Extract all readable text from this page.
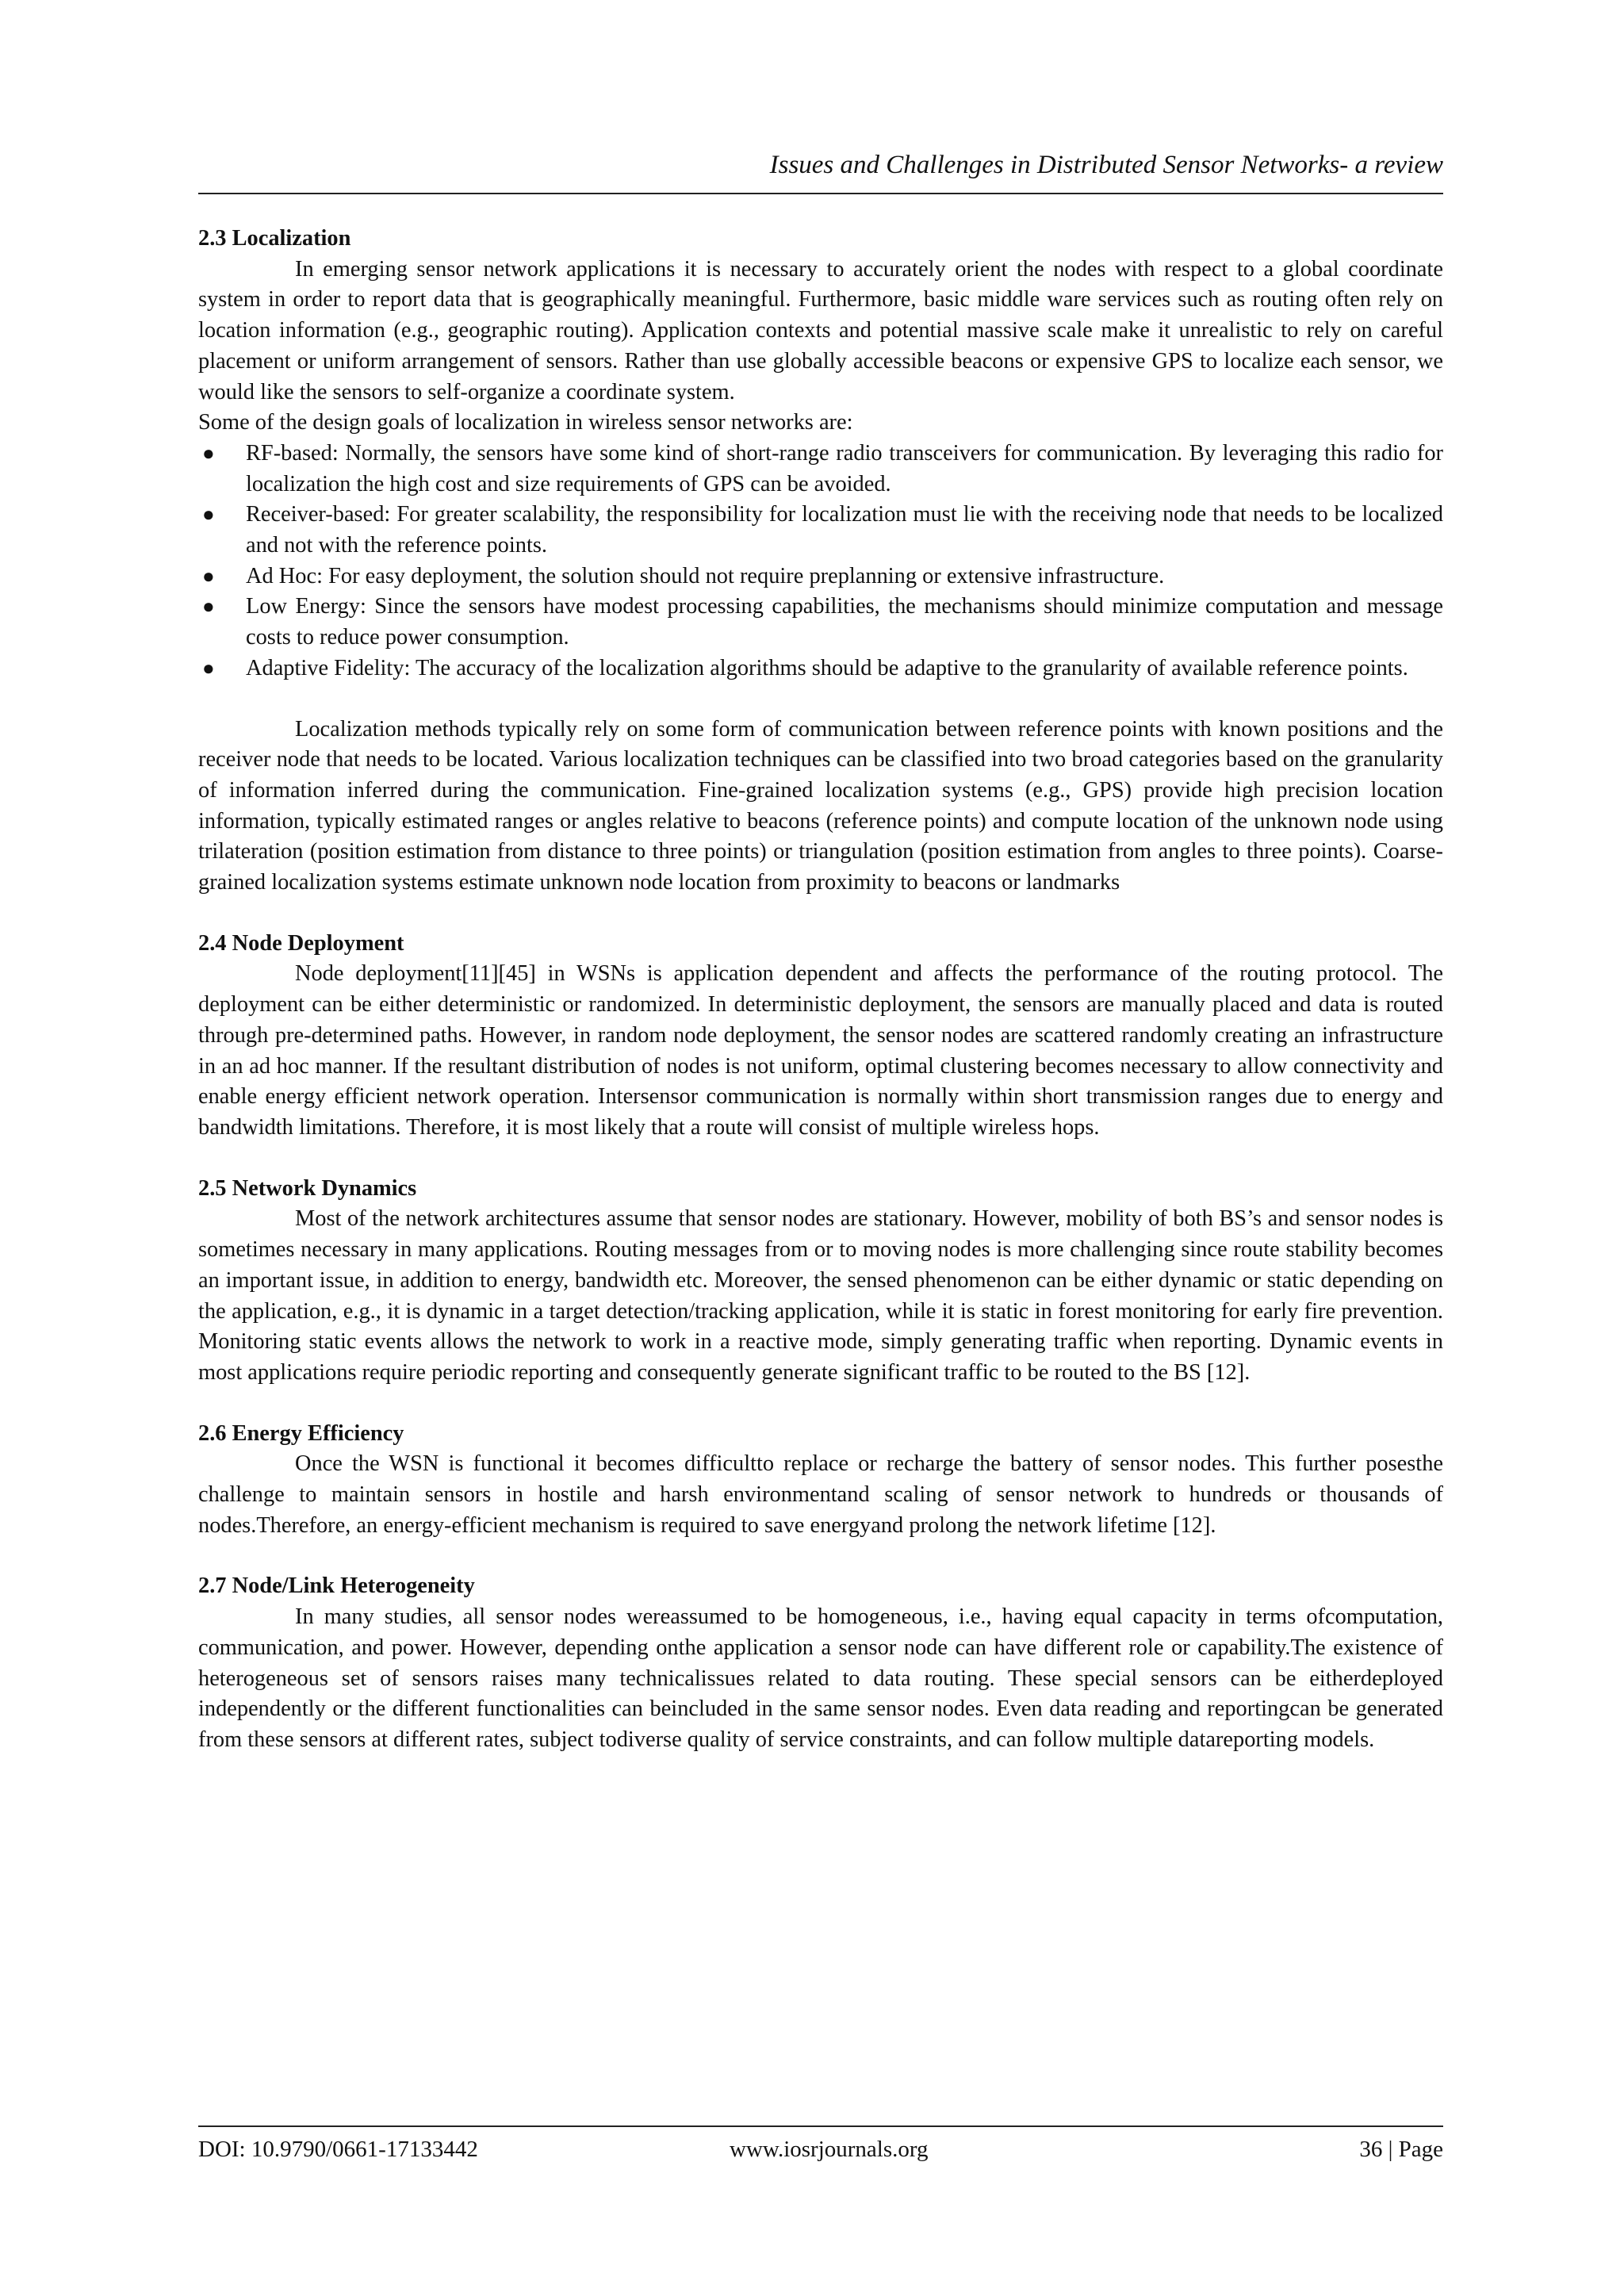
Issues and Challenges in Distributed Sensor Networks- a review

2.3 Localization

In emerging sensor network applications it is necessary to accurately orient the nodes with respect to a global coordinate system in order to report data that is geographically meaningful. Furthermore, basic middle ware services such as routing often rely on location information (e.g., geographic routing). Application contexts and potential massive scale make it unrealistic to rely on careful placement or uniform arrangement of sensors. Rather than use globally accessible beacons or expensive GPS to localize each sensor, we would like the sensors to self-organize a coordinate system.

Some of the design goals of localization in wireless sensor networks are:

● RF-based: Normally, the sensors have some kind of short-range radio transceivers for communication. By leveraging this radio for localization the high cost and size requirements of GPS can be avoided.
● Receiver-based: For greater scalability, the responsibility for localization must lie with the receiving node that needs to be localized and not with the reference points.
● Ad Hoc: For easy deployment, the solution should not require preplanning or extensive infrastructure.
● Low Energy: Since the sensors have modest processing capabilities, the mechanisms should minimize computation and message costs to reduce power consumption.
● Adaptive Fidelity: The accuracy of the localization algorithms should be adaptive to the granularity of available reference points.

Localization methods typically rely on some form of communication between reference points with known positions and the receiver node that needs to be located. Various localization techniques can be classified into two broad categories based on the granularity of information inferred during the communication. Fine-grained localization systems (e.g., GPS) provide high precision location information, typically estimated ranges or angles relative to beacons (reference points) and compute location of the unknown node using trilateration (position estimation from distance to three points) or triangulation (position estimation from angles to three points). Coarse-grained localization systems estimate unknown node location from proximity to beacons or landmarks

2.4 Node Deployment

Node deployment[11][45] in WSNs is application dependent and affects the performance of the routing protocol. The deployment can be either deterministic or randomized. In deterministic deployment, the sensors are manually placed and data is routed through pre-determined paths. However, in random node deployment, the sensor nodes are scattered randomly creating an infrastructure in an ad hoc manner. If the resultant distribution of nodes is not uniform, optimal clustering becomes necessary to allow connectivity and enable energy efficient network operation. Intersensor communication is normally within short transmission ranges due to energy and bandwidth limitations. Therefore, it is most likely that a route will consist of multiple wireless hops.

2.5 Network Dynamics

Most of the network architectures assume that sensor nodes are stationary. However, mobility of both BS’s and sensor nodes is sometimes necessary in many applications. Routing messages from or to moving nodes is more challenging since route stability becomes an important issue, in addition to energy, bandwidth etc. Moreover, the sensed phenomenon can be either dynamic or static depending on the application, e.g., it is dynamic in a target detection/tracking application, while it is static in forest monitoring for early fire prevention. Monitoring static events allows the network to work in a reactive mode, simply generating traffic when reporting. Dynamic events in most applications require periodic reporting and consequently generate significant traffic to be routed to the BS [12].

2.6 Energy Efficiency

Once the WSN is functional it becomes difficultto replace or recharge the battery of sensor nodes. This further posesthe challenge to maintain sensors in hostile and harsh environmentand scaling of sensor network to hundreds or thousands of nodes.Therefore, an energy-efficient mechanism is required to save energyand prolong the network lifetime [12].

2.7 Node/Link Heterogeneity

In many studies, all sensor nodes wereassumed to be homogeneous, i.e., having equal capacity in terms ofcomputation, communication, and power. However, depending onthe application a sensor node can have different role or capability.The existence of heterogeneous set of sensors raises many technicalissues related to data routing. These special sensors can be eitherdeployed independently or the different functionalities can beincluded in the same sensor nodes. Even data reading and reportingcan be generated from these sensors at different rates, subject todiverse quality of service constraints, and can follow multiple datareporting models.

DOI: 10.9790/0661-17133442	www.iosrjournals.org	36 | Page
